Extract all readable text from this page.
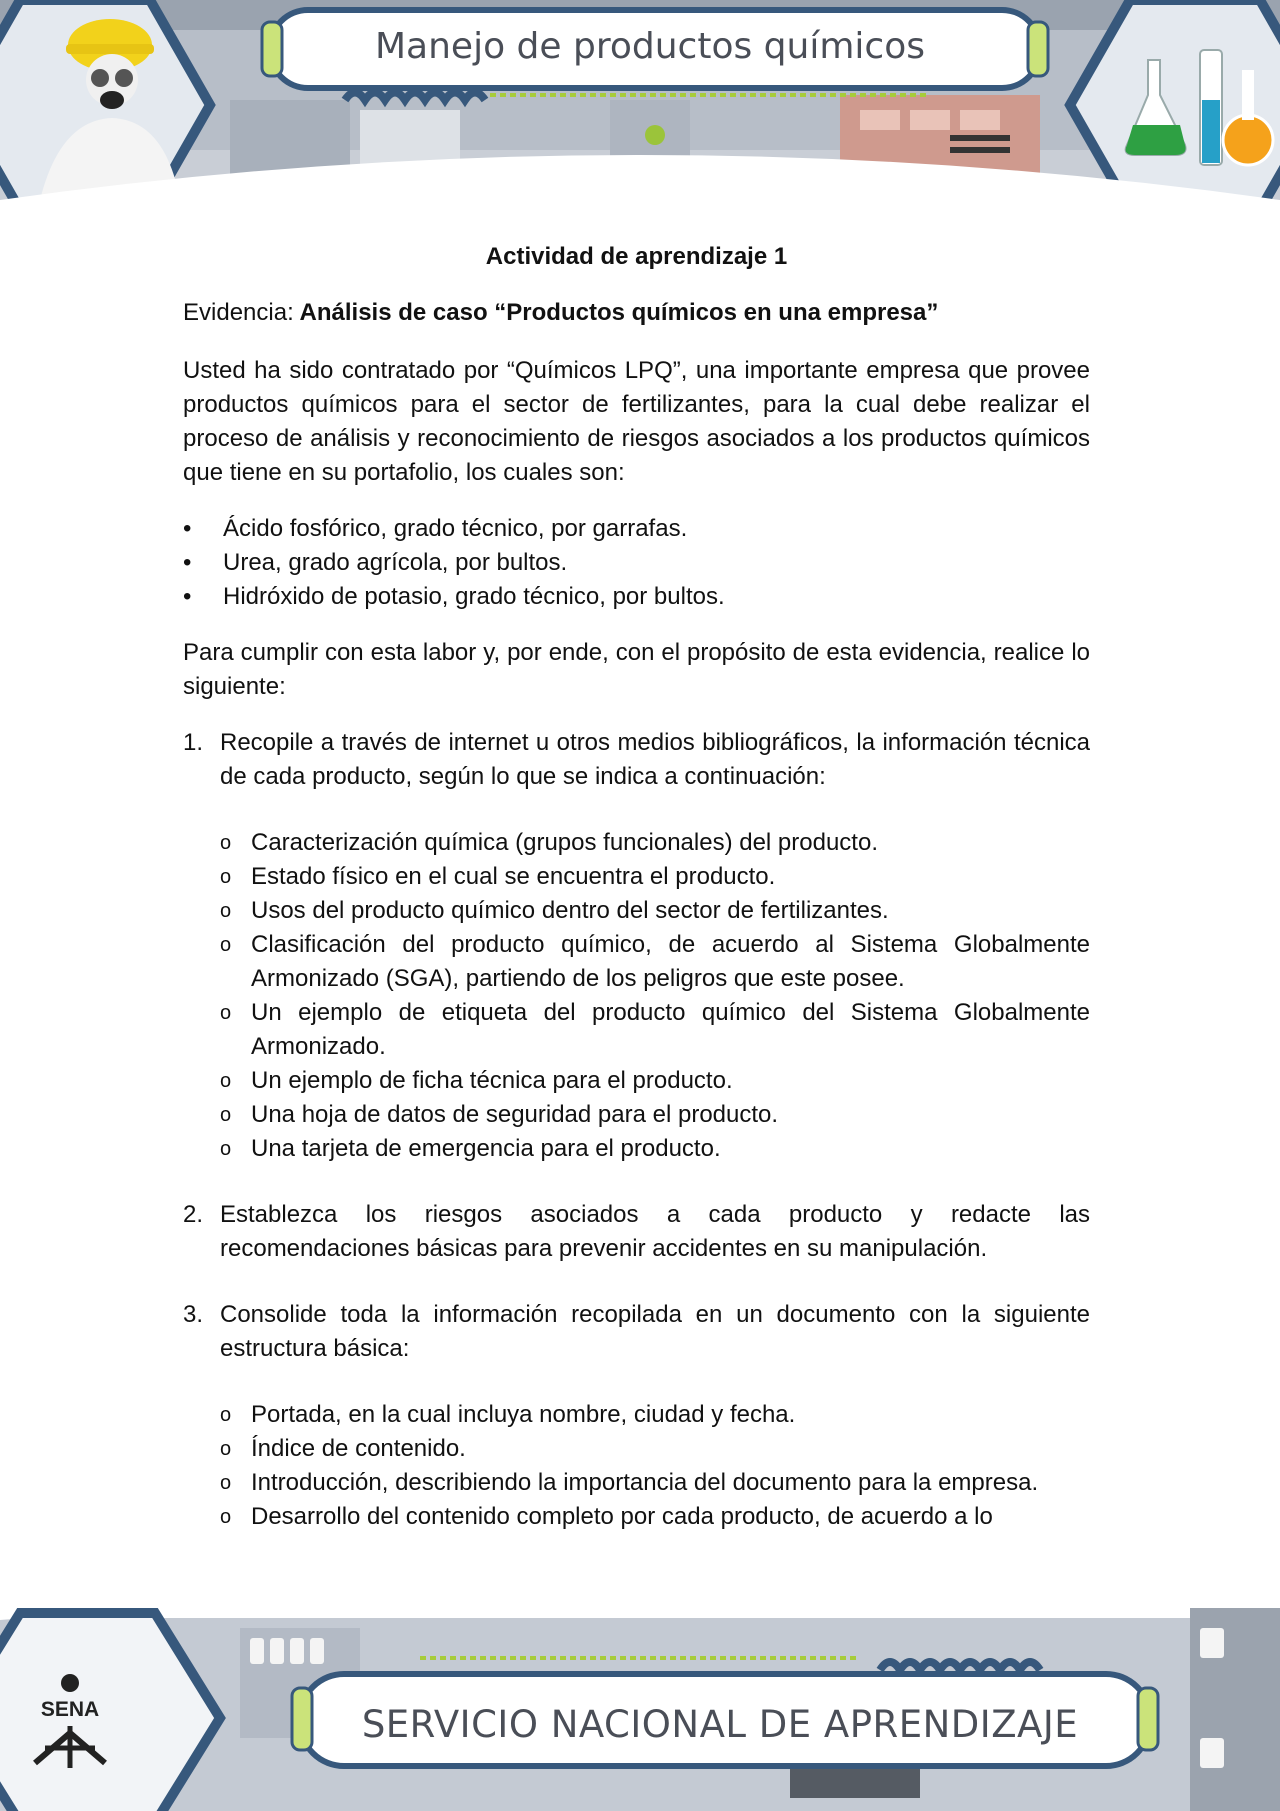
Manejo de productos químicos

Actividad de aprendizaje 1

Evidencia: Análisis de caso “Productos químicos en una empresa”

Usted ha sido contratado por “Químicos LPQ”, una importante empresa que provee productos químicos para el sector de fertilizantes, para la cual debe realizar el proceso de análisis y reconocimiento de riesgos asociados a los productos químicos que tiene en su portafolio, los cuales son:

• Ácido fosfórico, grado técnico, por garrafas.
• Urea, grado agrícola, por bultos.
• Hidróxido de potasio, grado técnico, por bultos.

Para cumplir con esta labor y, por ende, con el propósito de esta evidencia, realice lo siguiente:

1. Recopile a través de internet u otros medios bibliográficos, la información técnica de cada producto, según lo que se indica a continuación:

o Caracterización química (grupos funcionales) del producto.
o Estado físico en el cual se encuentra el producto.
o Usos del producto químico dentro del sector de fertilizantes.
o Clasificación del producto químico, de acuerdo al Sistema Globalmente Armonizado (SGA), partiendo de los peligros que este posee.
o Un ejemplo de etiqueta del producto químico del Sistema Globalmente Armonizado.
o Un ejemplo de ficha técnica para el producto.
o Una hoja de datos de seguridad para el producto.
o Una tarjeta de emergencia para el producto.
2. Establezca los riesgos asociados a cada producto y redacte las recomendaciones básicas para prevenir accidentes en su manipulación.

3. Consolide toda la información recopilada en un documento con la siguiente estructura básica:

o Portada, en la cual incluya nombre, ciudad y fecha.
o Índice de contenido.
o Introducción, describiendo la importancia del documento para la empresa.
o Desarrollo del contenido completo por cada producto, de acuerdo a lo
SENA	SERVICIO NACIONAL DE APRENDIZAJE
